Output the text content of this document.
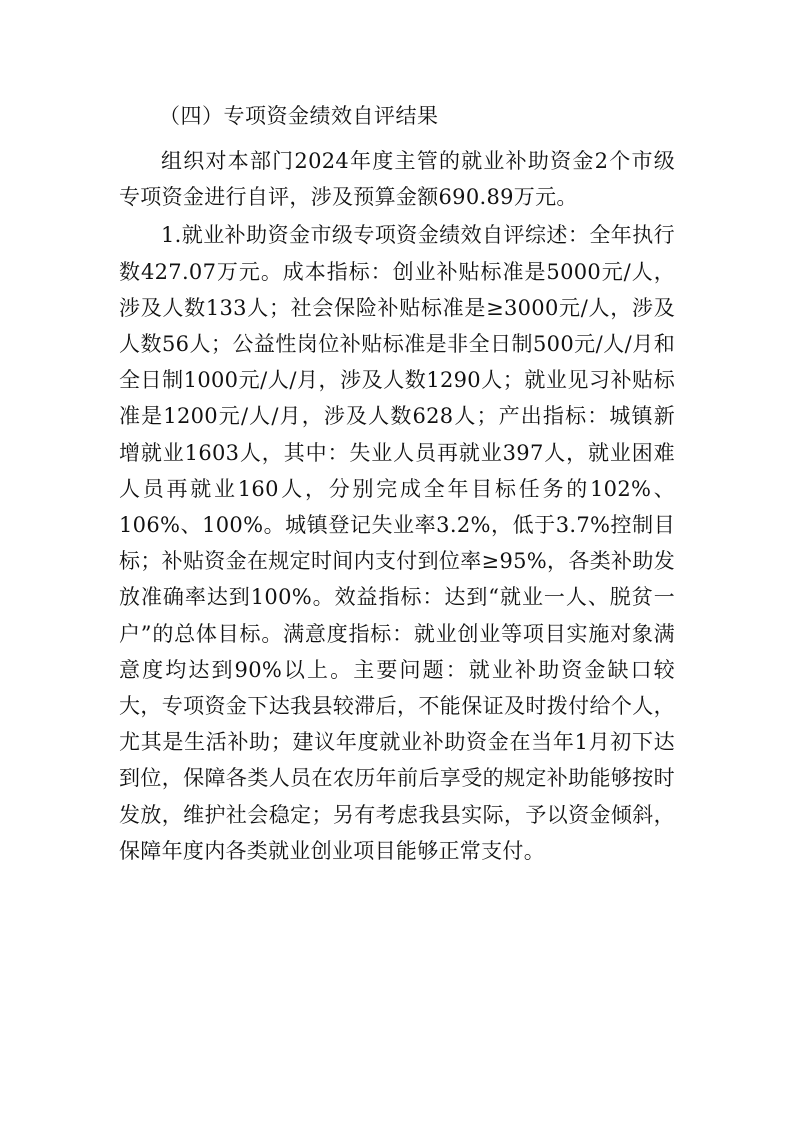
（四）专项资金绩效自评结果

组织对本部门2024年度主管的就业补助资金2个市级专项资金进行自评，涉及预算金额690.89万元。

1.就业补助资金市级专项资金绩效自评综述：全年执行数427.07万元。成本指标：创业补贴标准是5000元/人，涉及人数133人；社会保险补贴标准是≥3000元/人，涉及人数56人；公益性岗位补贴标准是非全日制500元/人/月和全日制1000元/人/月，涉及人数1290人；就业见习补贴标准是1200元/人/月，涉及人数628人；产出指标：城镇新增就业1603人，其中：失业人员再就业397人，就业困难人员再就业160人，分别完成全年目标任务的102%、106%、100%。城镇登记失业率3.2%，低于3.7%控制目标；补贴资金在规定时间内支付到位率≥95%，各类补助发放准确率达到100%。效益指标：达到“就业一人、脱贫一户”的总体目标。满意度指标：就业创业等项目实施对象满意度均达到90%以上。主要问题：就业补助资金缺口较大，专项资金下达我县较滞后，不能保证及时拨付给个人，尤其是生活补助；建议年度就业补助资金在当年1月初下达到位，保障各类人员在农历年前后享受的规定补助能够按时发放，维护社会稳定；另有考虑我县实际，予以资金倾斜，保障年度内各类就业创业项目能够正常支付。
